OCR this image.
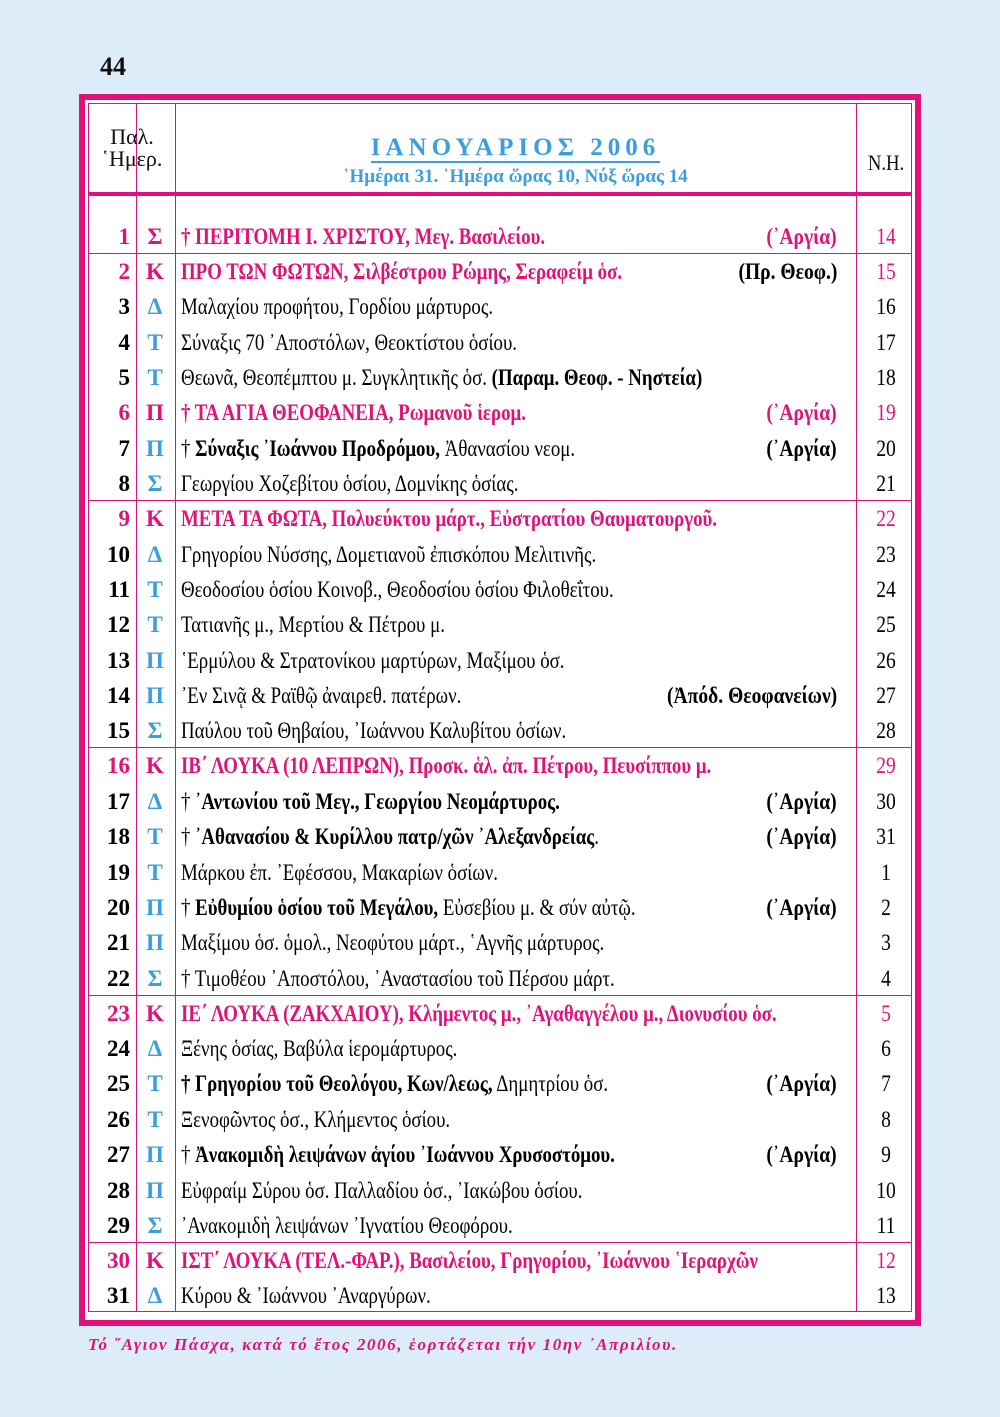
44
Παλ.
῾Ημερ.	ΙΑΝΟΥΑΡΙΟΣ 2006
῾Ημέραι 31. ῾Ημέρα ὥρας 10, Νύξ ὥρας 14
Ν.Η.
1 Σ † ΠΕΡΙΤΟΜΗ Ι. ΧΡΙΣΤΟΥ, Μεγ. Βασιλείου.	(᾿Αργία)	14
2 Κ ΠΡΟ ΤΩΝ ΦΩΤΩΝ, Σιλβέστρου Ρώμης, Σεραφείμ ὁσ.	(Πρ. Θεοφ.)	15
3 Δ Μαλαχίου προφήτου, Γορδίου μάρτυρος.	16
4 Τ Σύναξις 70 ᾿Αποστόλων, Θεοκτίστου ὁσίου.	17
5 Τ Θεωνᾶ, Θεοπέμπτου μ. Συγκλητικῆς ὁσ. (Παραμ. Θεοφ. - Νηστεία)	18
6 Π † ΤΑ ΑΓΙΑ ΘΕΟΦΑΝΕΙΑ, Ρωμανοῦ ἱερομ.	(᾿Αργία)	19
7 Π † Σύναξις ᾿Ιωάννου Προδρόμου, Ἀθανασίου νεομ.	(᾿Αργία)	20
8 Σ Γεωργίου Χοζεβίτου ὁσίου, Δομνίκης ὁσίας.	21
9 Κ ΜΕΤΑ ΤΑ ΦΩΤΑ, Πολυεύκτου μάρτ., Εὐστρατίου Θαυματουργοῦ.	22
10 Δ Γρηγορίου Νύσσης, Δομετιανοῦ ἐπισκόπου Μελιτινῆς.	23
11 Τ Θεοδοσίου ὁσίου Κοινοβ., Θεοδοσίου ὁσίου Φιλοθεΐτου.	24
12 Τ Τατιανῆς μ., Μερτίου & Πέτρου μ.	25
13 Π ῾Ερμύλου & Στρατονίκου μαρτύρων, Μαξίμου ὁσ.	26
14 Π ᾿Εν Σινᾷ & Ραϊθῷ ἀναιρεθ. πατέρων.	(Ἀπόδ. Θεοφανείων)	27
15 Σ Παύλου τοῦ Θηβαίου, ᾿Ιωάννου Καλυβίτου ὁσίων.	28
16 Κ ΙΒ΄ ΛΟΥΚΑ (10 ΛΕΠΡΩΝ), Προσκ. ἁλ. ἀπ. Πέτρου, Πευσίππου μ.	29
17 Δ † ᾿Αντωνίου τοῦ Μεγ., Γεωργίου Νεομάρτυρος.	(᾿Αργία)	30
18 Τ † ᾿Αθανασίου & Κυρίλλου πατρ/χῶν ᾿Αλεξανδρείας.	(᾿Αργία)	31
19 Τ Μάρκου ἐπ. ᾿Εφέσσου, Μακαρίων ὁσίων.	1
20 Π † Εὐθυμίου ὁσίου τοῦ Μεγάλου, Εὐσεβίου μ. & σύν αὐτῷ.	(᾿Αργία)	2
21 Π Μαξίμου ὁσ. ὁμολ., Νεοφύτου μάρτ., ῾Αγνῆς μάρτυρος.	3
22 Σ † Τιμοθέου ᾿Αποστόλου, ᾿Αναστασίου τοῦ Πέρσου μάρτ.	4
23 Κ ΙΕ΄ ΛΟΥΚΑ (ΖΑΚΧΑΙΟΥ), Κλήμεντος μ., ᾿Αγαθαγγέλου μ., Διονυσίου ὁσ.	5
24 Δ Ξένης ὁσίας, Βαβύλα ἱερομάρτυρος.	6
25 Τ † Γρηγορίου τοῦ Θεολόγου, Κων/λεως, Δημητρίου ὁσ.	(᾿Αργία)	7
26 Τ Ξενοφῶντος ὁσ., Κλήμεντος ὁσίου.	8
27 Π † Ἀνακομιδὴ λειψάνων ἁγίου ᾿Ιωάννου Χρυσοστόμου.	(᾿Αργία)	9
28 Π Εὐφραίμ Σύρου ὁσ. Παλλαδίου ὁσ., ᾿Ιακώβου ὁσίου.	10
29 Σ ᾿Ανακομιδὴ λειψάνων ᾿Ιγνατίου Θεοφόρου.	11
30 Κ ΙΣΤ΄ ΛΟΥΚΑ (ΤΕΛ.-ΦΑΡ.), Βασιλείου, Γρηγορίου, ᾿Ιωάννου ῾Ιεραρχῶν	12
31 Δ Κύρου & ᾿Ιωάννου ᾿Αναργύρων.	13
Τό ῎Αγιον Πάσχα, κατά τό ἔτος 2006, ἑορτάζεται τήν 10ην ᾿Απριλίου.
